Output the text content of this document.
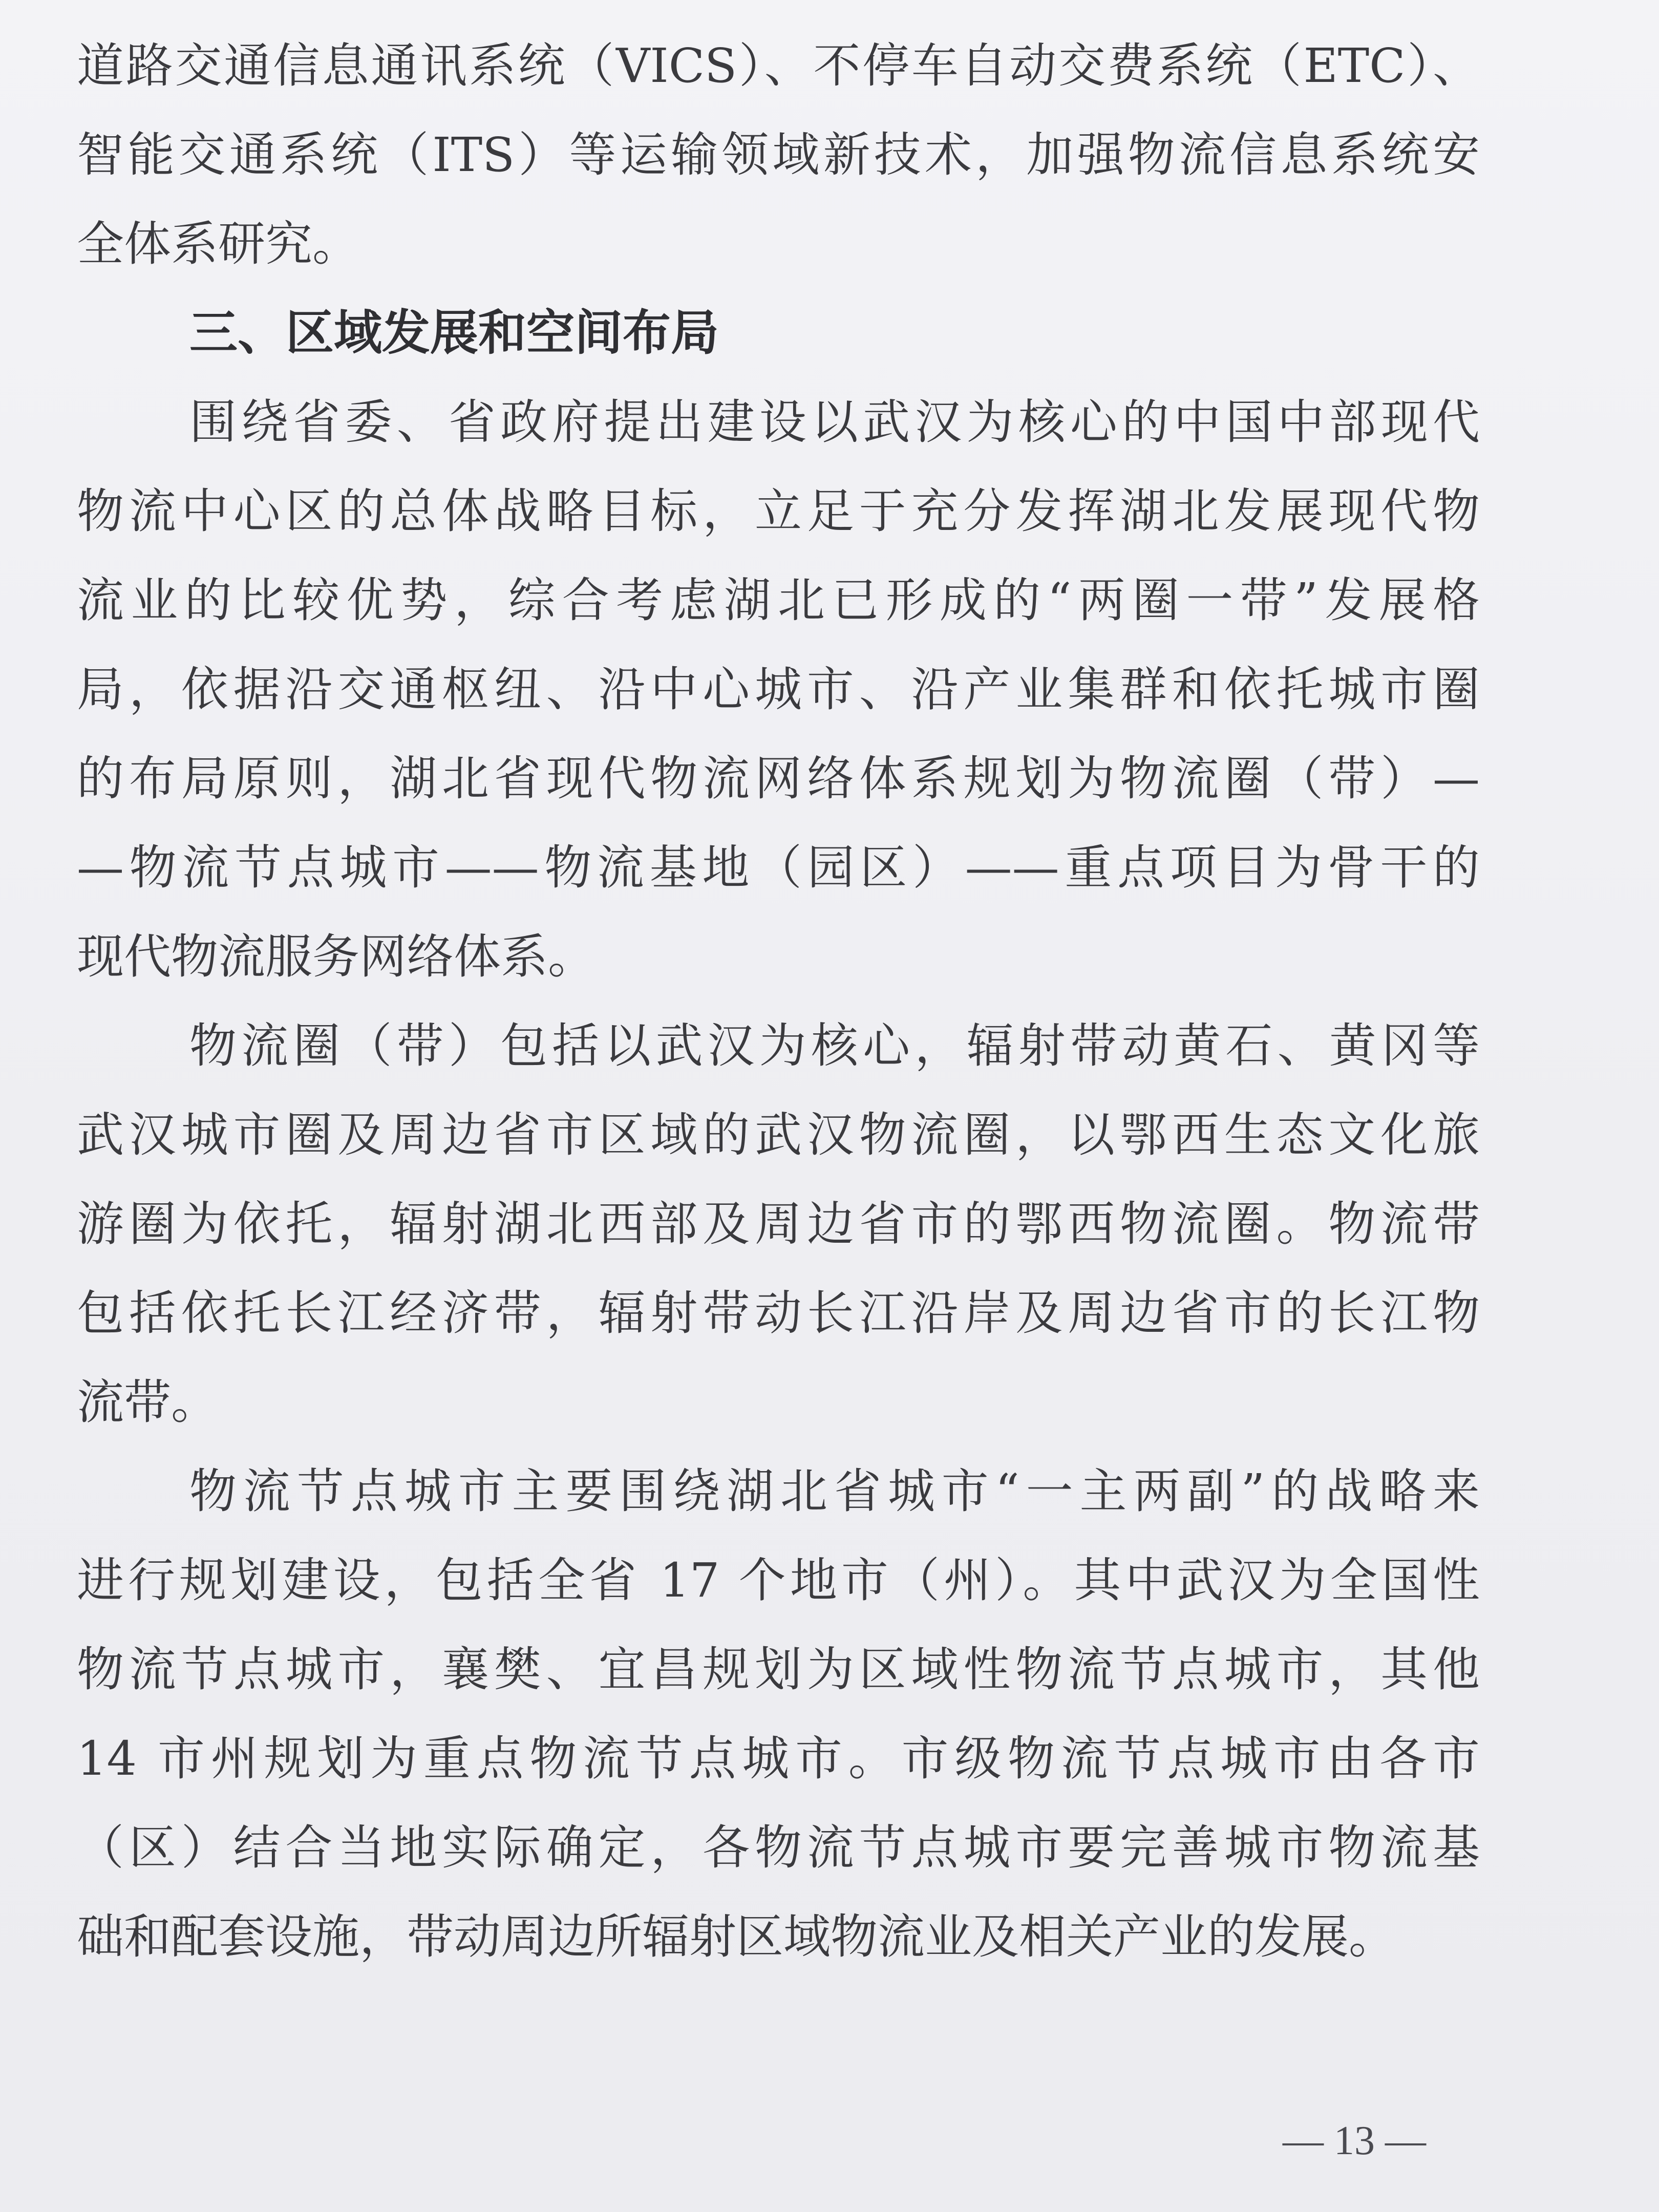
道路交通信息通讯系统（VICS）、不停车自动交费系统（ETC）、
智能交通系统（ITS）等运输领域新技术，加强物流信息系统安
全体系研究。
三、区域发展和空间布局
围绕省委、省政府提出建设以武汉为核心的中国中部现代
物流中心区的总体战略目标，立足于充分发挥湖北发展现代物
流业的比较优势，综合考虑湖北已形成的“两圈一带”发展格
局，依据沿交通枢纽、沿中心城市、沿产业集群和依托城市圈
的布局原则，湖北省现代物流网络体系规划为物流圈（带）—
—物流节点城市——物流基地（园区）——重点项目为骨干的
现代物流服务网络体系。
物流圈（带）包括以武汉为核心，辐射带动黄石、黄冈等
武汉城市圈及周边省市区域的武汉物流圈，以鄂西生态文化旅
游圈为依托，辐射湖北西部及周边省市的鄂西物流圈。物流带
包括依托长江经济带，辐射带动长江沿岸及周边省市的长江物
流带。
物流节点城市主要围绕湖北省城市“一主两副”的战略来
进行规划建设，包括全省 17 个地市（州）。其中武汉为全国性
物流节点城市，襄樊、宜昌规划为区域性物流节点城市，其他
14 市州规划为重点物流节点城市。市级物流节点城市由各市
（区）结合当地实际确定，各物流节点城市要完善城市物流基
础和配套设施，带动周边所辐射区域物流业及相关产业的发展。
— 13 —
